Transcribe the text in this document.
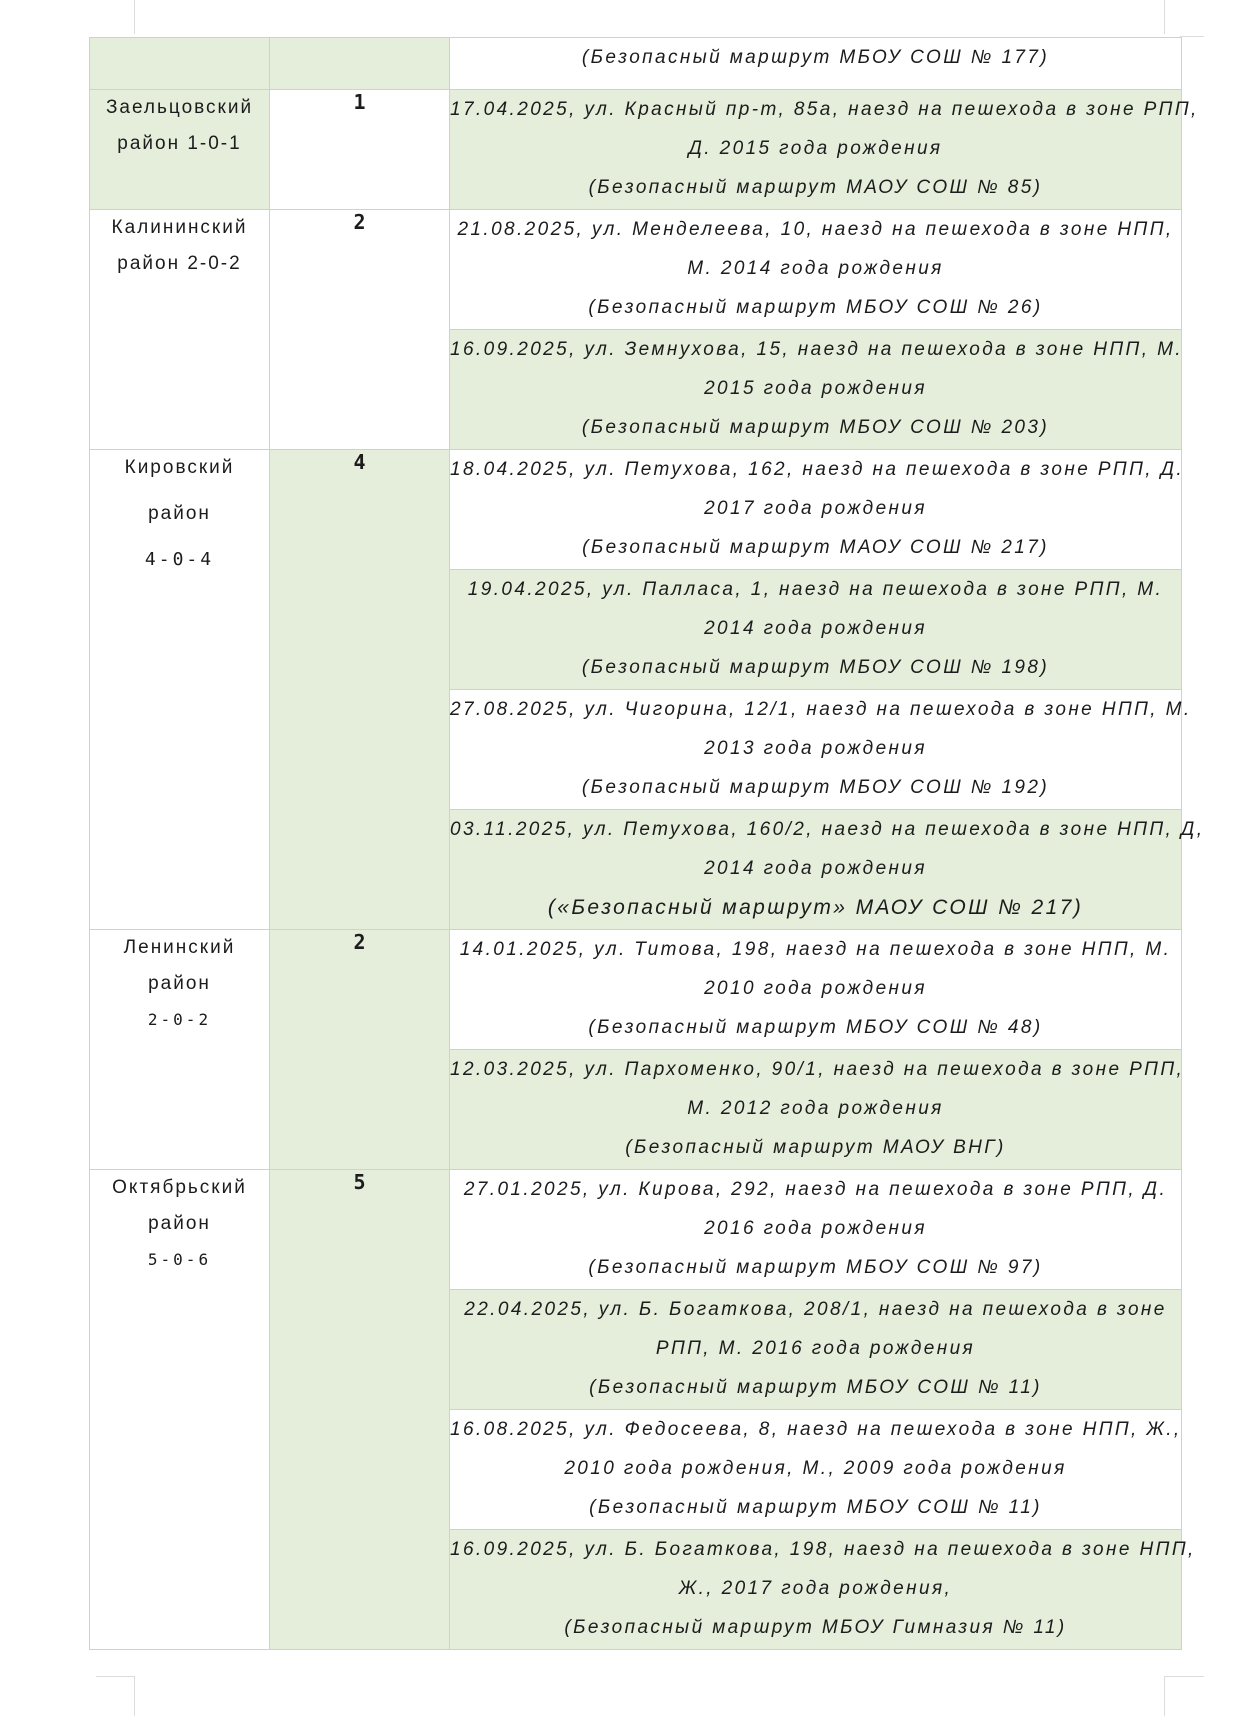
		(Безопасный маршрут МБОУ СОШ № 177)

Заельцовский
район 1-0-1	1	17.04.2025, ул. Красный пр-т, 85а, наезд на пешехода в зоне РПП,
Д. 2015 года рождения
(Безопасный маршрут МАОУ СОШ № 85)

Калининский
район 2-0-2	2	21.08.2025, ул. Менделеева, 10, наезд на пешехода в зоне НПП,
М. 2014 года рождения
(Безопасный маршрут МБОУ СОШ № 26)

		16.09.2025, ул. Земнухова, 15, наезд на пешехода в зоне НПП, М.
2015 года рождения
(Безопасный маршрут МБОУ СОШ № 203)

Кировский
район
4-0-4	4	18.04.2025, ул. Петухова, 162, наезд на пешехода в зоне РПП, Д.
2017 года рождения
(Безопасный маршрут МАОУ СОШ № 217)

		19.04.2025, ул. Палласа, 1, наезд на пешехода в зоне РПП, М.
2014 года рождения
(Безопасный маршрут МБОУ СОШ № 198)

		27.08.2025, ул. Чигорина, 12/1, наезд на пешехода в зоне НПП, М.
2013 года рождения
(Безопасный маршрут МБОУ СОШ № 192)

		03.11.2025, ул. Петухова, 160/2, наезд на пешехода в зоне НПП, Д,
2014 года рождения
(«Безопасный маршрут» МАОУ СОШ № 217)

Ленинский
район
2-0-2	2	14.01.2025, ул. Титова, 198, наезд на пешехода в зоне НПП, М.
2010 года рождения
(Безопасный маршрут МБОУ СОШ № 48)

		12.03.2025, ул. Пархоменко, 90/1, наезд на пешехода в зоне РПП,
М. 2012 года рождения
(Безопасный маршрут МАОУ ВНГ)

Октябрьский
район
5-0-6	5	27.01.2025, ул. Кирова, 292, наезд на пешехода в зоне РПП, Д.
2016 года рождения
(Безопасный маршрут МБОУ СОШ № 97)

		22.04.2025, ул. Б. Богаткова, 208/1, наезд на пешехода в зоне
РПП, М. 2016 года рождения
(Безопасный маршрут МБОУ СОШ № 11)

		16.08.2025, ул. Федосеева, 8, наезд на пешехода в зоне НПП, Ж.,
2010 года рождения, М., 2009 года рождения
(Безопасный маршрут МБОУ СОШ № 11)

		16.09.2025, ул. Б. Богаткова, 198, наезд на пешехода в зоне НПП,
Ж., 2017 года рождения,
(Безопасный маршрут МБОУ Гимназия № 11)
